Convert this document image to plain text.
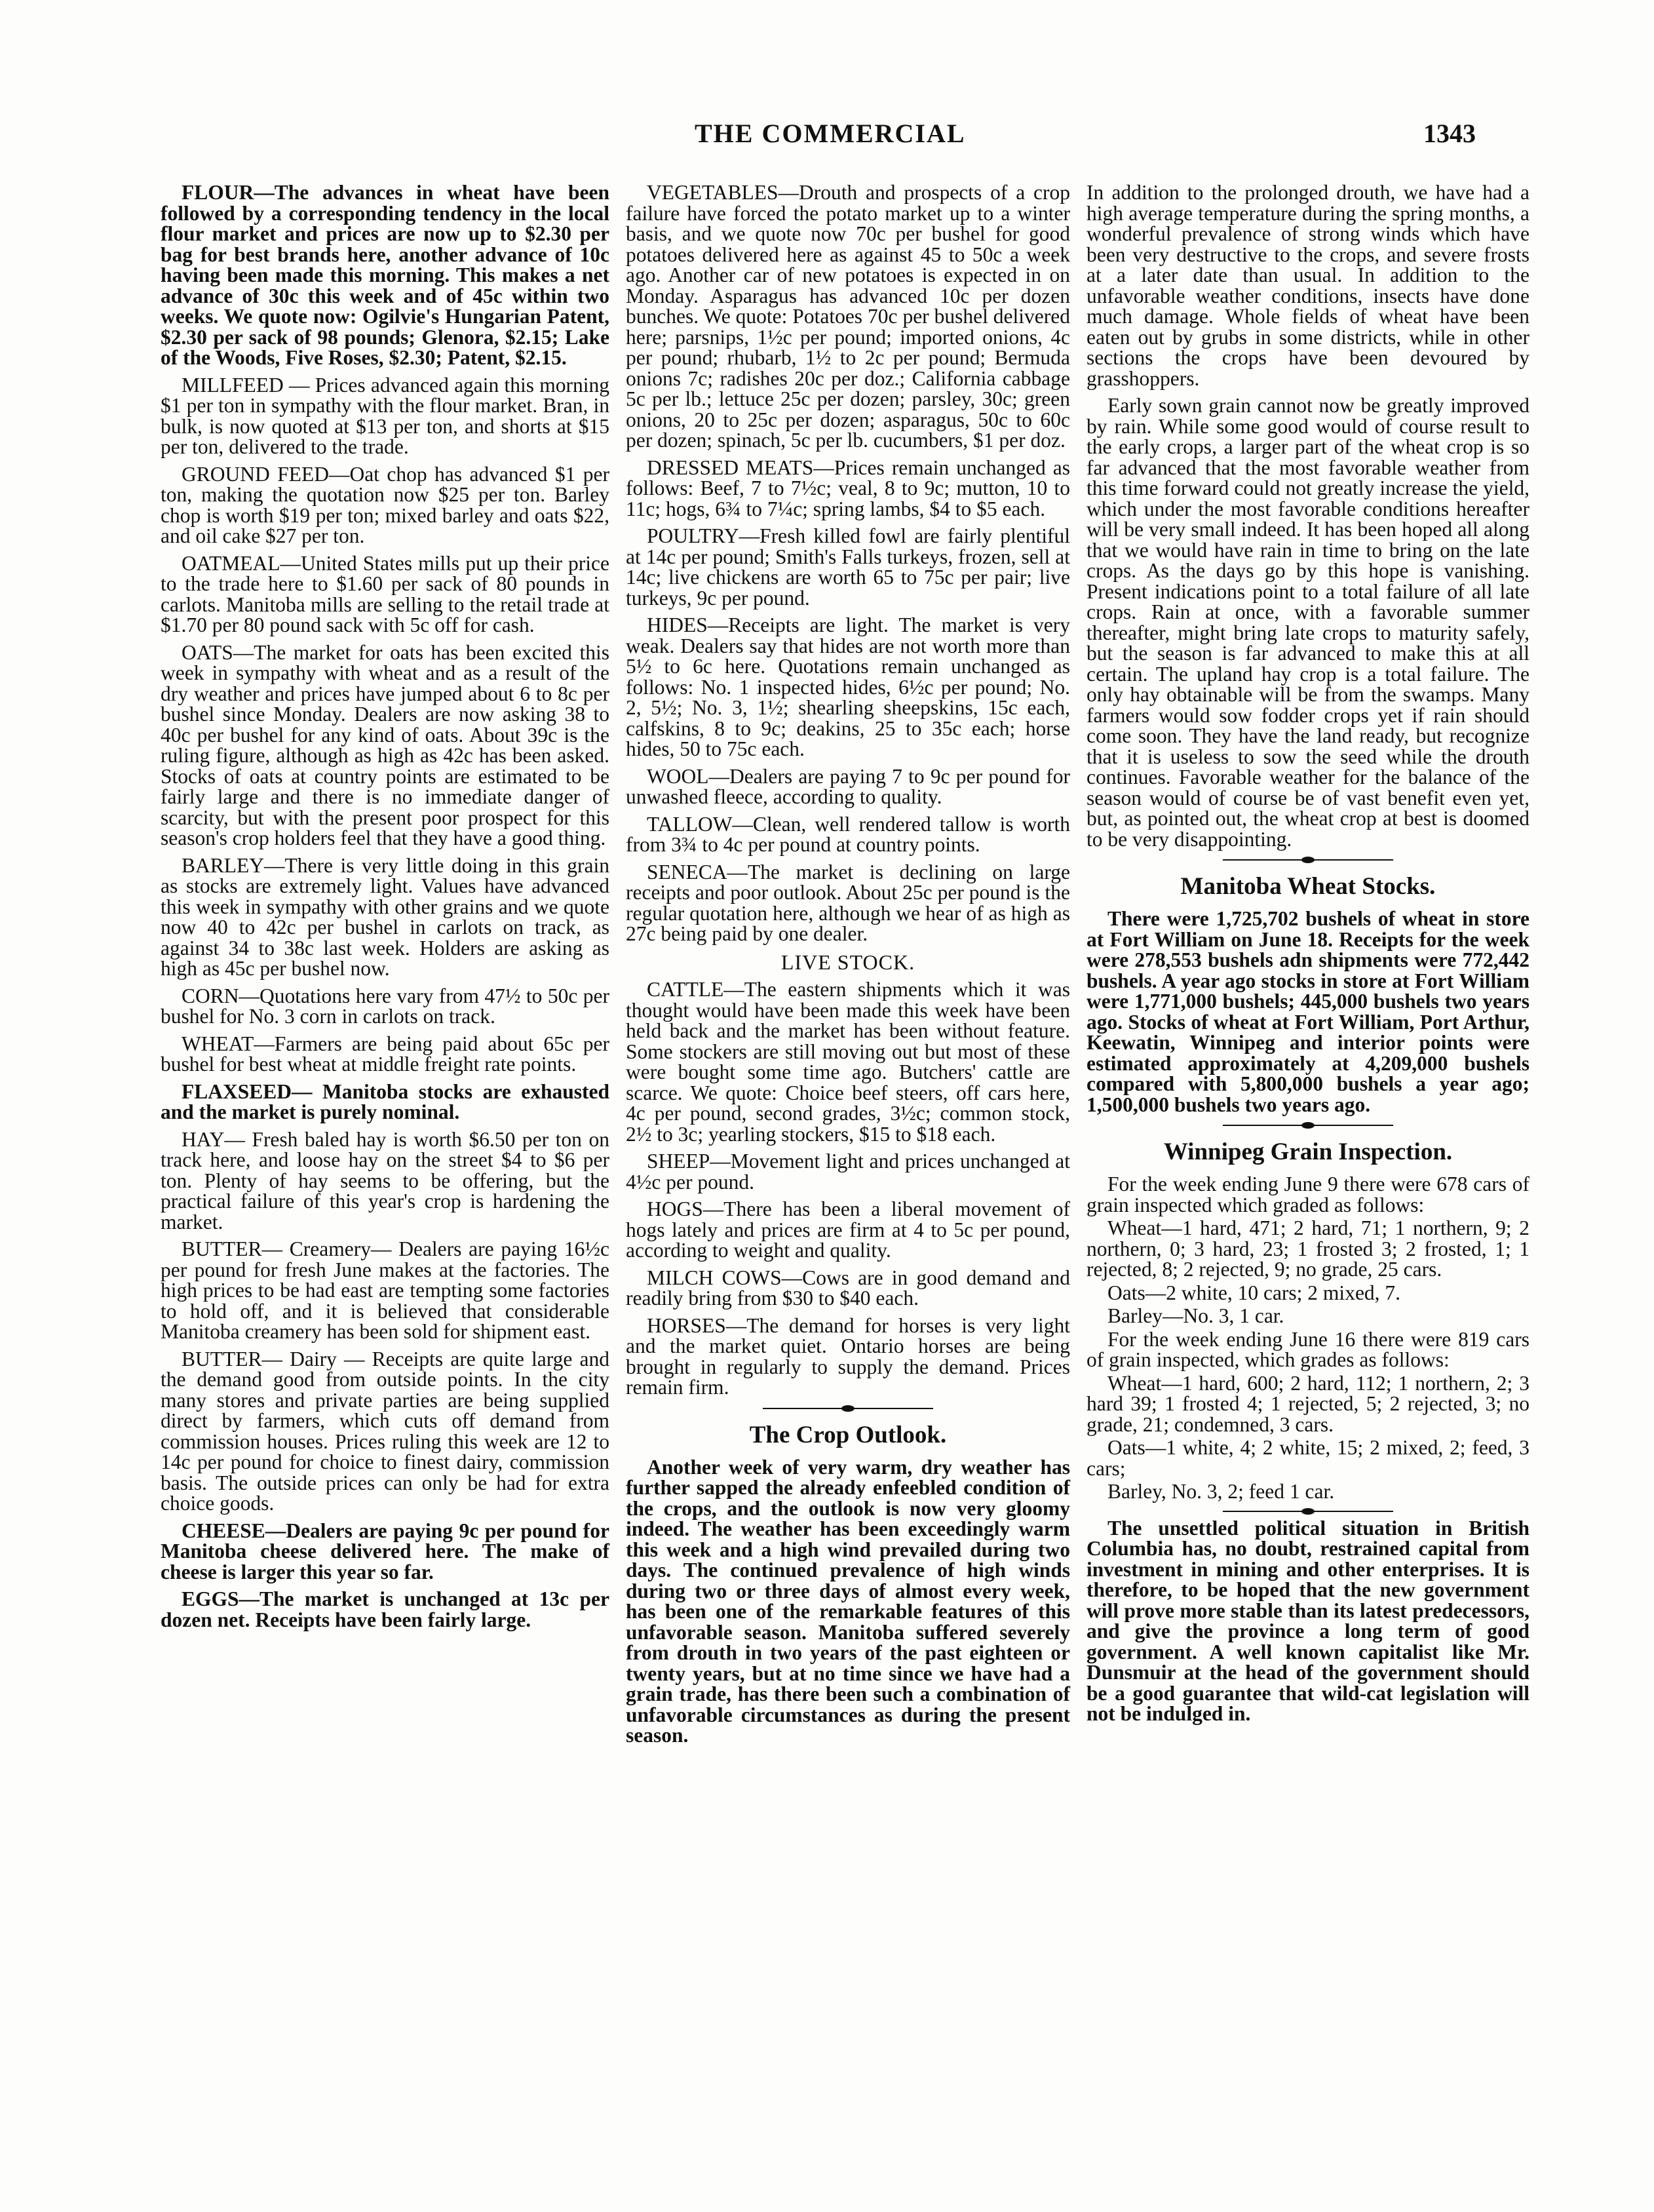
THE COMMERCIAL	1343

FLOUR—The advances in wheat have been followed by a corresponding tendency in the local flour market and prices are now up to $2.30 per bag for best brands here, another advance of 10c having been made this morning. This makes a net advance of 30c this week and of 45c within two weeks. We quote now: Ogilvie's Hungarian Patent, $2.30 per sack of 98 pounds; Glenora, $2.15; Lake of the Woods, Five Roses, $2.30; Patent, $2.15.

MILLFEED — Prices advanced again this morning $1 per ton in sympathy with the flour market. Bran, in bulk, is now quoted at $13 per ton, and shorts at $15 per ton, delivered to the trade.

GROUND FEED—Oat chop has advanced $1 per ton, making the quotation now $25 per ton. Barley chop is worth $19 per ton; mixed barley and oats $22, and oil cake $27 per ton.

OATMEAL—United States mills put up their price to the trade here to $1.60 per sack of 80 pounds in carlots. Manitoba mills are selling to the retail trade at $1.70 per 80 pound sack with 5c off for cash.

OATS—The market for oats has been excited this week in sympathy with wheat and as a result of the dry weather and prices have jumped about 6 to 8c per bushel since Monday. Dealers are now asking 38 to 40c per bushel for any kind of oats. About 39c is the ruling figure, although as high as 42c has been asked. Stocks of oats at country points are estimated to be fairly large and there is no immediate danger of scarcity, but with the present poor prospect for this season's crop holders feel that they have a good thing.

BARLEY—There is very little doing in this grain as stocks are extremely light. Values have advanced this week in sympathy with other grains and we quote now 40 to 42c per bushel in carlots on track, as against 34 to 38c last week. Holders are asking as high as 45c per bushel now.

CORN—Quotations here vary from 47½ to 50c per bushel for No. 3 corn in carlots on track.

WHEAT—Farmers are being paid about 65c per bushel for best wheat at middle freight rate points.

FLAXSEED— Manitoba stocks are exhausted and the market is purely nominal.

HAY— Fresh baled hay is worth $6.50 per ton on track here, and loose hay on the street $4 to $6 per ton. Plenty of hay seems to be offering, but the practical failure of this year's crop is hardening the market.

BUTTER— Creamery— Dealers are paying 16½c per pound for fresh June makes at the factories. The high prices to be had east are tempting some factories to hold off, and it is believed that considerable Manitoba creamery has been sold for shipment east.

BUTTER— Dairy — Receipts are quite large and the demand good from outside points. In the city many stores and private parties are being supplied direct by farmers, which cuts off demand from commission houses. Prices ruling this week are 12 to 14c per pound for choice to finest dairy, commission basis. The outside prices can only be had for extra choice goods.

CHEESE—Dealers are paying 9c per pound for Manitoba cheese delivered here. The make of cheese is larger this year so far.

EGGS—The market is unchanged at 13c per dozen net. Receipts have been fairly large.

VEGETABLES—Drouth and prospects of a crop failure have forced the potato market up to a winter basis, and we quote now 70c per bushel for good potatoes delivered here as against 45 to 50c a week ago. Another car of new potatoes is expected in on Monday. Asparagus has advanced 10c per dozen bunches. We quote: Potatoes 70c per bushel delivered here; parsnips, 1½c per pound; imported onions, 4c per pound; rhubarb, 1½ to 2c per pound; Bermuda onions 7c; radishes 20c per doz.; California cabbage 5c per lb.; lettuce 25c per dozen; parsley, 30c; green onions, 20 to 25c per dozen; asparagus, 50c to 60c per dozen; spinach, 5c per lb. cucumbers, $1 per doz.

DRESSED MEATS—Prices remain unchanged as follows: Beef, 7 to 7½c; veal, 8 to 9c; mutton, 10 to 11c; hogs, 6¾ to 7¼c; spring lambs, $4 to $5 each.

POULTRY—Fresh killed fowl are fairly plentiful at 14c per pound; Smith's Falls turkeys, frozen, sell at 14c; live chickens are worth 65 to 75c per pair; live turkeys, 9c per pound.

HIDES—Receipts are light. The market is very weak. Dealers say that hides are not worth more than 5½ to 6c here. Quotations remain unchanged as follows: No. 1 inspected hides, 6½c per pound; No. 2, 5½; No. 3, 1½; shearling sheepskins, 15c each, calfskins, 8 to 9c; deakins, 25 to 35c each; horse hides, 50 to 75c each.

WOOL—Dealers are paying 7 to 9c per pound for unwashed fleece, according to quality.

TALLOW—Clean, well rendered tallow is worth from 3¾ to 4c per pound at country points.

SENECA—The market is declining on large receipts and poor outlook. About 25c per pound is the regular quotation here, although we hear of as high as 27c being paid by one dealer.

LIVE STOCK.

CATTLE—The eastern shipments which it was thought would have been made this week have been held back and the market has been without feature. Some stockers are still moving out but most of these were bought some time ago. Butchers' cattle are scarce. We quote: Choice beef steers, off cars here, 4c per pound, second grades, 3½c; common stock, 2½ to 3c; yearling stockers, $15 to $18 each.

SHEEP—Movement light and prices unchanged at 4½c per pound.

HOGS—There has been a liberal movement of hogs lately and prices are firm at 4 to 5c per pound, according to weight and quality.

MILCH COWS—Cows are in good demand and readily bring from $30 to $40 each.

HORSES—The demand for horses is very light and the market quiet. Ontario horses are being brought in regularly to supply the demand. Prices remain firm.

The Crop Outlook.

Another week of very warm, dry weather has further sapped the already enfeebled condition of the crops, and the outlook is now very gloomy indeed. The weather has been exceedingly warm this week and a high wind prevailed during two days. The continued prevalence of high winds during two or three days of almost every week, has been one of the remarkable features of this unfavorable season. Manitoba suffered severely from drouth in two years of the past eighteen or twenty years, but at no time since we have had a grain trade, has there been such a combination of unfavorable circumstances as during the present season.

In addition to the prolonged drouth, we have had a high average temperature during the spring months, a wonderful prevalence of strong winds which have been very destructive to the crops, and severe frosts at a later date than usual. In addition to the unfavorable weather conditions, insects have done much damage. Whole fields of wheat have been eaten out by grubs in some districts, while in other sections the crops have been devoured by grasshoppers.

Early sown grain cannot now be greatly improved by rain. While some good would of course result to the early crops, a larger part of the wheat crop is so far advanced that the most favorable weather from this time forward could not greatly increase the yield, which under the most favorable conditions hereafter will be very small indeed. It has been hoped all along that we would have rain in time to bring on the late crops. As the days go by this hope is vanishing. Present indications point to a total failure of all late crops. Rain at once, with a favorable summer thereafter, might bring late crops to maturity safely, but the season is far advanced to make this at all certain. The upland hay crop is a total failure. The only hay obtainable will be from the swamps. Many farmers would sow fodder crops yet if rain should come soon. They have the land ready, but recognize that it is useless to sow the seed while the drouth continues. Favorable weather for the balance of the season would of course be of vast benefit even yet, but, as pointed out, the wheat crop at best is doomed to be very disappointing.

Manitoba Wheat Stocks.

There were 1,725,702 bushels of wheat in store at Fort William on June 18. Receipts for the week were 278,553 bushels adn shipments were 772,442 bushels. A year ago stocks in store at Fort William were 1,771,000 bushels; 445,000 bushels two years ago. Stocks of wheat at Fort William, Port Arthur, Keewatin, Winnipeg and interior points were estimated approximately at 4,209,000 bushels compared with 5,800,000 bushels a year ago; 1,500,000 bushels two years ago.

Winnipeg Grain Inspection.

For the week ending June 9 there were 678 cars of grain inspected which graded as follows:

Wheat—1 hard, 471; 2 hard, 71; 1 northern, 9; 2 northern, 0; 3 hard, 23; 1 frosted 3; 2 frosted, 1; 1 rejected, 8; 2 rejected, 9; no grade, 25 cars.

Oats—2 white, 10 cars; 2 mixed, 7.

Barley—No. 3, 1 car.

For the week ending June 16 there were 819 cars of grain inspected, which grades as follows:

Wheat—1 hard, 600; 2 hard, 112; 1 northern, 2; 3 hard 39; 1 frosted 4; 1 rejected, 5; 2 rejected, 3; no grade, 21; condemned, 3 cars.

Oats—1 white, 4; 2 white, 15; 2 mixed, 2; feed, 3 cars;

Barley, No. 3, 2; feed 1 car.

The unsettled political situation in British Columbia has, no doubt, restrained capital from investment in mining and other enterprises. It is therefore, to be hoped that the new government will prove more stable than its latest predecessors, and give the province a long term of good government. A well known capitalist like Mr. Dunsmuir at the head of the government should be a good guarantee that wild-cat legislation will not be indulged in.
